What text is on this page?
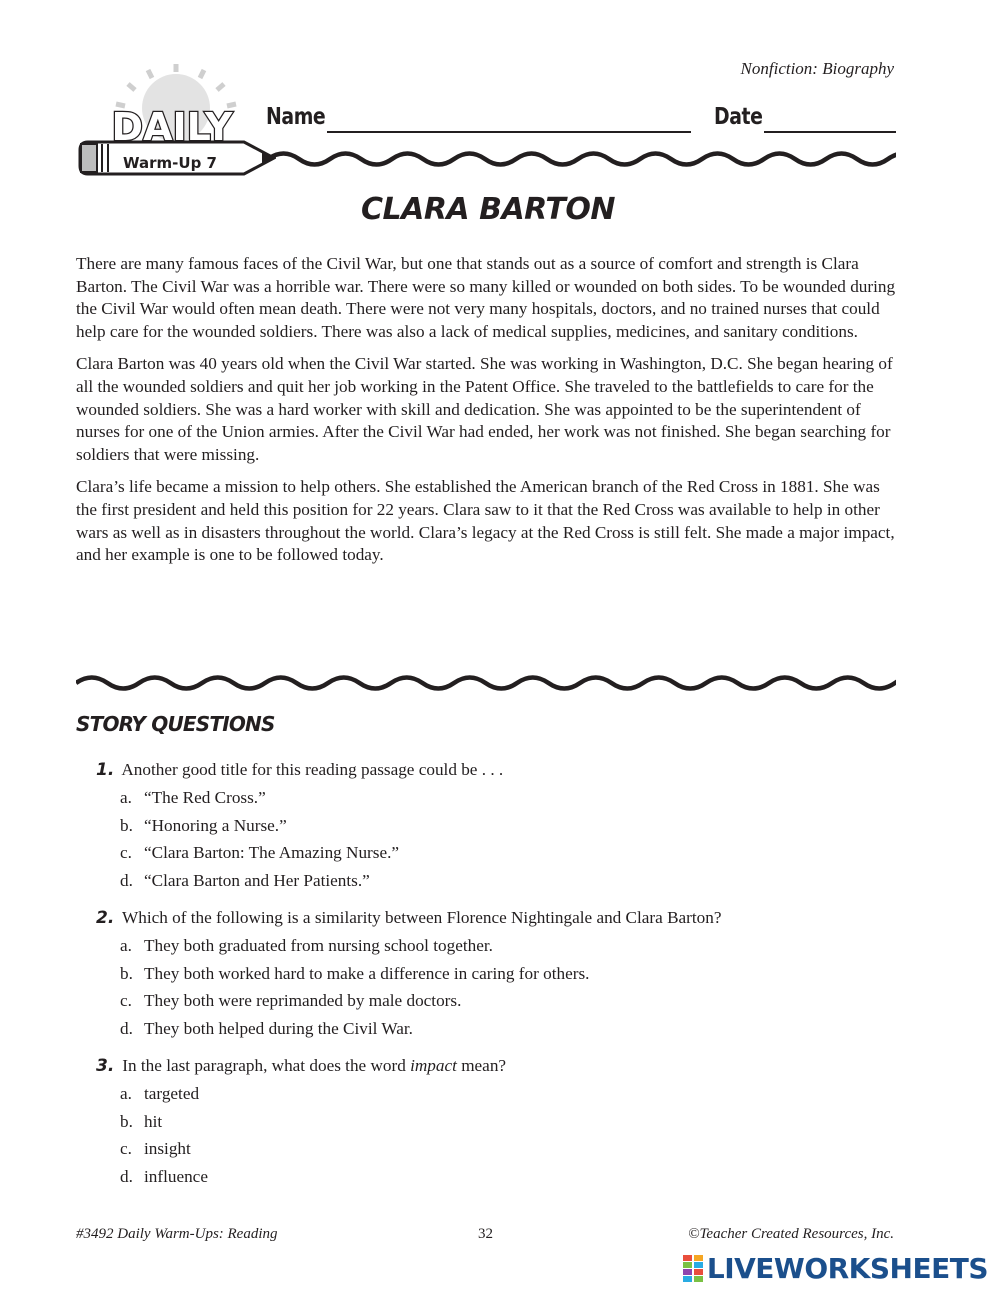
Nonfiction: Biography
DAILY
Warm-Up 7
Name	Date
CLARA BARTON

There are many famous faces of the Civil War, but one that stands out as a source of comfort and strength is Clara Barton. The Civil War was a horrible war. There were so many killed or wounded on both sides. To be wounded during the Civil War would often mean death. There were not very many hospitals, doctors, and no trained nurses that could help care for the wounded soldiers. There was also a lack of medical supplies, medicines, and sanitary conditions.

Clara Barton was 40 years old when the Civil War started. She was working in Washington, D.C. She began hearing of all the wounded soldiers and quit her job working in the Patent Office. She traveled to the battlefields to care for the wounded soldiers. She was a hard worker with skill and dedication. She was appointed to be the superintendent of nurses for one of the Union armies. After the Civil War had ended, her work was not finished. She began searching for soldiers that were missing.

Clara’s life became a mission to help others. She established the American branch of the Red Cross in 1881. She was the first president and held this position for 22 years. Clara saw to it that the Red Cross was available to help in other wars as well as in disasters throughout the world. Clara’s legacy at the Red Cross is still felt. She made a major impact, and her example is one to be followed today.

STORY QUESTIONS
1. Another good title for this reading passage could be . . .
a. “The Red Cross.”
b. “Honoring a Nurse.”
c. “Clara Barton: The Amazing Nurse.”
d. “Clara Barton and Her Patients.”
2. Which of the following is a similarity between Florence Nightingale and Clara Barton?
a. They both graduated from nursing school together.
b. They both worked hard to make a difference in caring for others.
c. They both were reprimanded by male doctors.
d. They both helped during the Civil War.
3. In the last paragraph, what does the word impact mean?
a. targeted
b. hit
c. insight
d. influence
#3492 Daily Warm-Ups: Reading	32	©Teacher Created Resources, Inc.
LIVEWORKSHEETS
